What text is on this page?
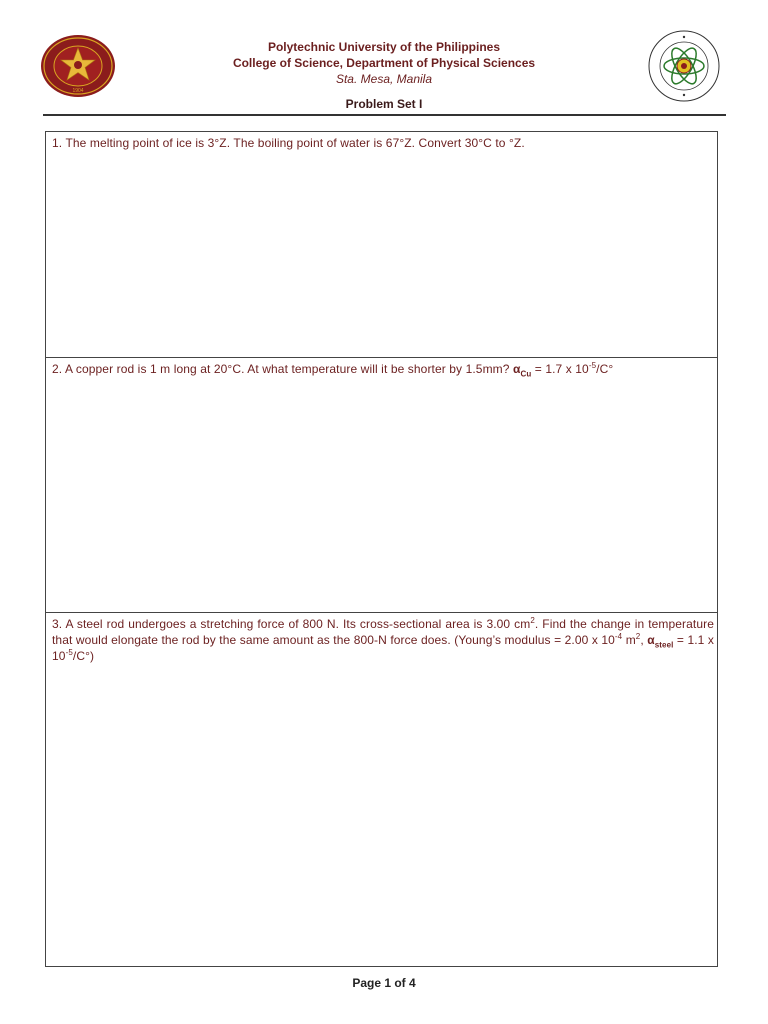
1904
Polytechnic University of the Philippines
College of Science, Department of Physical Sciences
Sta. Mesa, Manila
Problem Set I
1. The melting point of ice is 3°Z. The boiling point of water is 67°Z. Convert 30°C to °Z.
2. A copper rod is 1 m long at 20°C. At what temperature will it be shorter by 1.5mm? $\alpha_{Cu} = 1.7$ x $10^{-5}/C^\circ$
3. A steel rod undergoes a stretching force of 800 N. Its cross-sectional area is 3.00 $cm^2$. Find the change in temperature that would elongate the rod by the same amount as the 800-N force does. (Young’s modulus = 2.00 x $10^{-4}$ $m^2$, $\alpha_{steel} = 1.1$ x $10^{-5}/C^\circ$)
Page 1 of 4
